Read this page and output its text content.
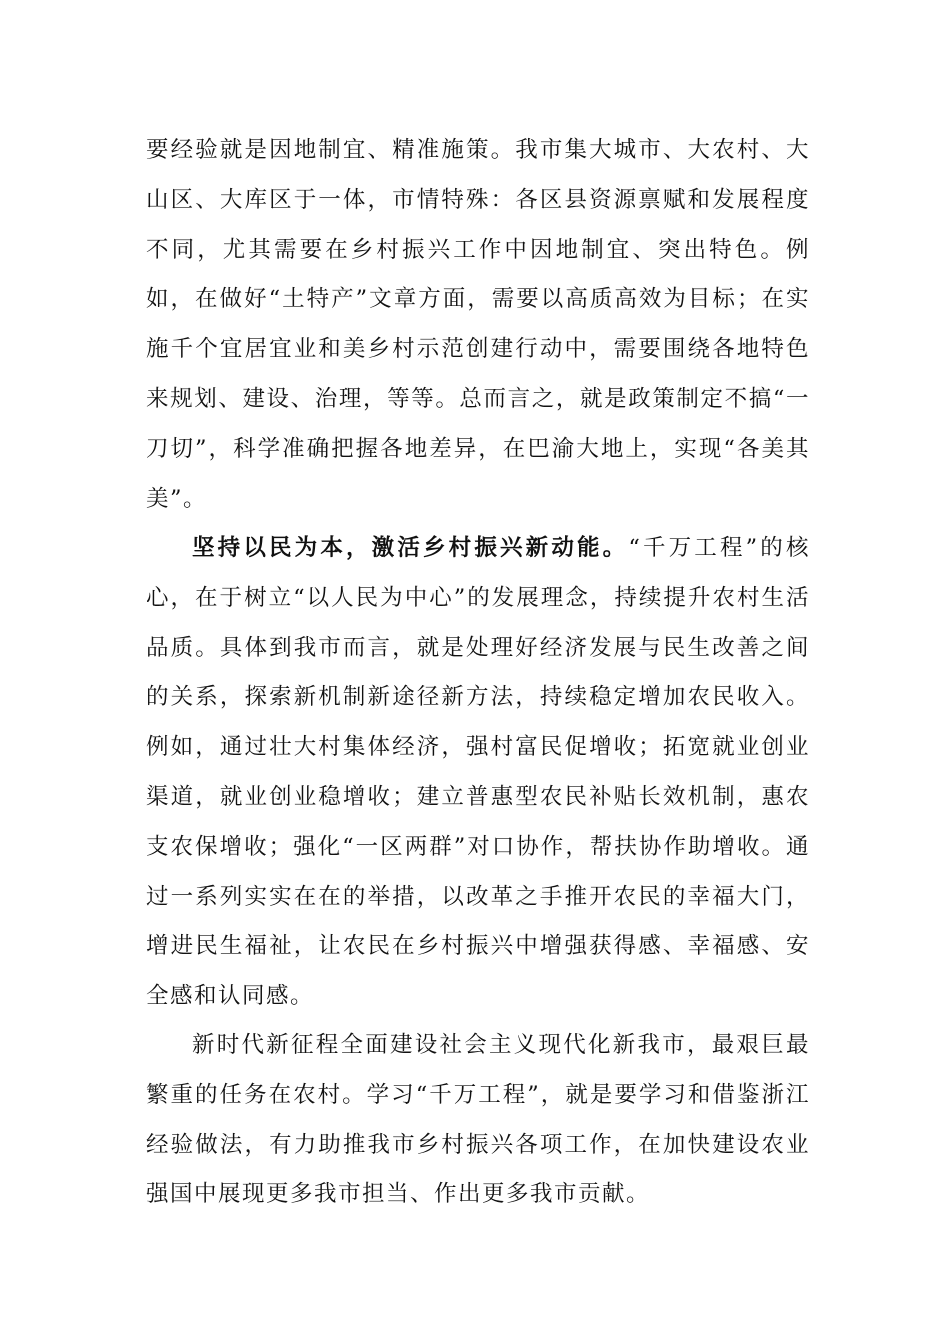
要经验就是因地制宜、精准施策。我市集大城市、大农村、大山区、大库区于一体，市情特殊：各区县资源禀赋和发展程度不同，尤其需要在乡村振兴工作中因地制宜、突出特色。例如，在做好“土特产”文章方面，需要以高质高效为目标；在实施千个宜居宜业和美乡村示范创建行动中，需要围绕各地特色来规划、建设、治理，等等。总而言之，就是政策制定不搞“一刀切”，科学准确把握各地差异，在巴渝大地上，实现“各美其美”。

坚持以民为本，激活乡村振兴新动能。“千万工程”的核心，在于树立“以人民为中心”的发展理念，持续提升农村生活品质。具体到我市而言，就是处理好经济发展与民生改善之间的关系，探索新机制新途径新方法，持续稳定增加农民收入。例如，通过壮大村集体经济，强村富民促增收；拓宽就业创业渠道，就业创业稳增收；建立普惠型农民补贴长效机制，惠农支农保增收；强化“一区两群”对口协作，帮扶协作助增收。通过一系列实实在在的举措，以改革之手推开农民的幸福大门，增进民生福祉，让农民在乡村振兴中增强获得感、幸福感、安全感和认同感。

新时代新征程全面建设社会主义现代化新我市，最艰巨最繁重的任务在农村。学习“千万工程”，就是要学习和借鉴浙江经验做法，有力助推我市乡村振兴各项工作，在加快建设农业强国中展现更多我市担当、作出更多我市贡献。
